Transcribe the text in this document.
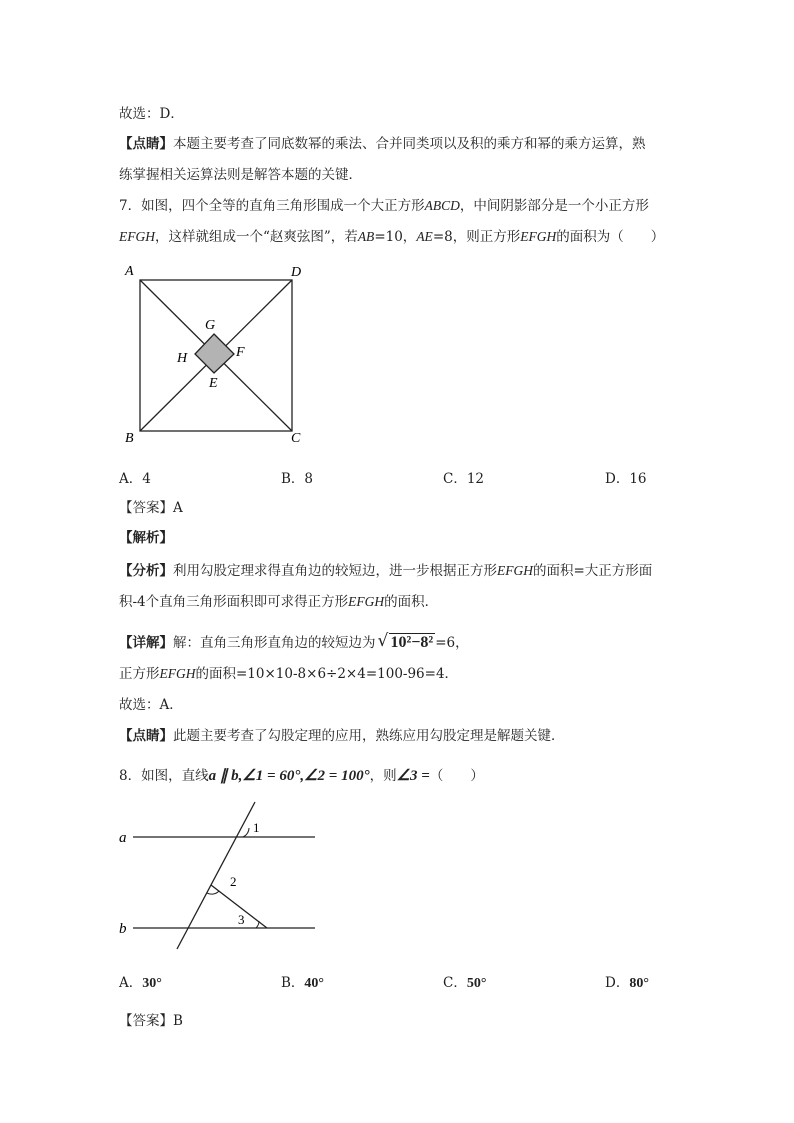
故选：D．
【点睛】本题主要考查了同底数幂的乘法、合并同类项以及积的乘方和幂的乘方运算，熟
练掌握相关运算法则是解答本题的关键．
7．如图，四个全等的直角三角形围成一个大正方形ABCD，中间阴影部分是一个小正方形
EFGH，这样就组成一个“赵爽弦图”，若AB=10，AE=8，则正方形EFGH的面积为（　　）
A	D
B	C
G
H	F
E
A．4	B．8	C．12	D．16
【答案】A
【解析】
【分析】利用勾股定理求得直角边的较短边，进一步根据正方形EFGH的面积=大正方形面
积-4个直角三角形面积即可求得正方形EFGH的面积．
【详解】解：直角三角形直角边的较短边为 √ 10²−8² =6，
正方形EFGH的面积=10×10-8×6÷2×4=100-96=4．
故选：A．
【点睛】此题主要考查了勾股定理的应用，熟练应用勾股定理是解题关键．
8．如图，直线a ∥ b,∠1 = 60°,∠2 = 100°，则∠3 =（　　）
a
b
1
2
3
A．30°	B．40°	C．50°	D．80°
【答案】B
